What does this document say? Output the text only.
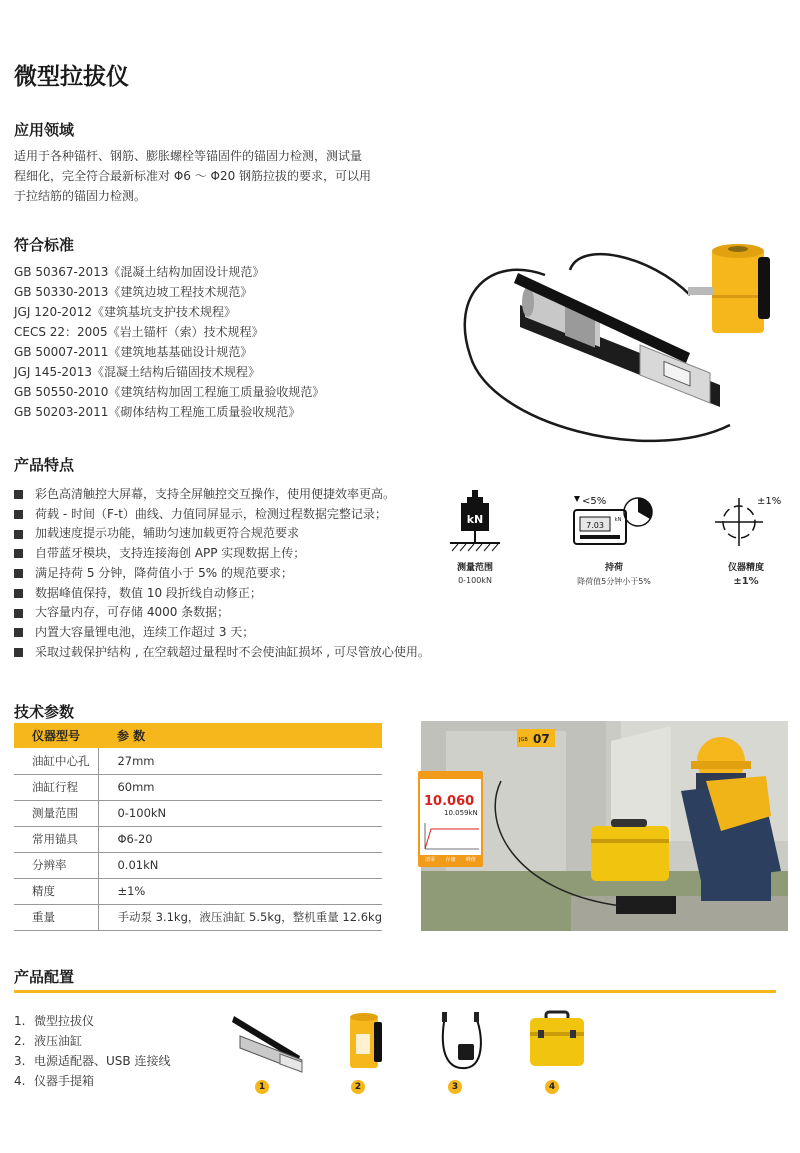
微型拉拔仪
应用领域
适用于各种锚杆、钢筋、膨胀螺栓等锚固件的锚固力检测，测试量
程细化，完全符合最新标准对 Φ6 ～ Φ20 钢筋拉拔的要求，可以用
于拉结筋的锚固力检测。
符合标准
GB 50367-2013《混凝土结构加固设计规范》
GB 50330-2013《建筑边坡工程技术规范》
JGJ 120-2012《建筑基坑支护技术规程》
CECS 22：2005《岩土锚杆（索）技术规程》
GB 50007-2011《建筑地基基础设计规范》
JGJ 145-2013《混凝土结构后锚固技术规程》
GB 50550-2010《建筑结构加固工程施工质量验收规范》
GB 50203-2011《砌体结构工程施工质量验收规范》
产品特点
彩色高清触控大屏幕，支持全屏触控交互操作，使用便捷效率更高。
荷载 - 时间（F-t）曲线、力值同屏显示，检测过程数据完整记录；
加载速度提示功能，辅助匀速加载更符合规范要求
自带蓝牙模块，支持连接海创 APP 实现数据上传；
满足持荷 5 分钟，降荷值小于 5% 的规范要求；
数据峰值保持，数值 10 段折线自动修正；
大容量内存，可存储 4000 条数据；
内置大容量锂电池，连续工作超过 3 天；
采取过载保护结构 , 在空载超过量程时不会使油缸损坏 , 可尽管放心使用。
kN
测量范围
0-100kN
<5%
7.03
kN
持荷
降荷值5分钟小于5%
±1%
仪器精度
±1%
技术参数
仪器型号	参 数
油缸中心孔	27mm
油缸行程	60mm
测量范围	0-100kN
常用锚具	Φ6-20
分辨率	0.01kN
精度	±1%
重量	手动泵 3.1kg，液压油缸 5.5kg，整机重量 12.6kg
07
JGB
10.060
10.059kN
清零	存储	峰值
产品配置
1. 微型拉拔仪
2. 液压油缸
3. 电源适配器、USB 连接线
4. 仪器手提箱	1	2	3	4
